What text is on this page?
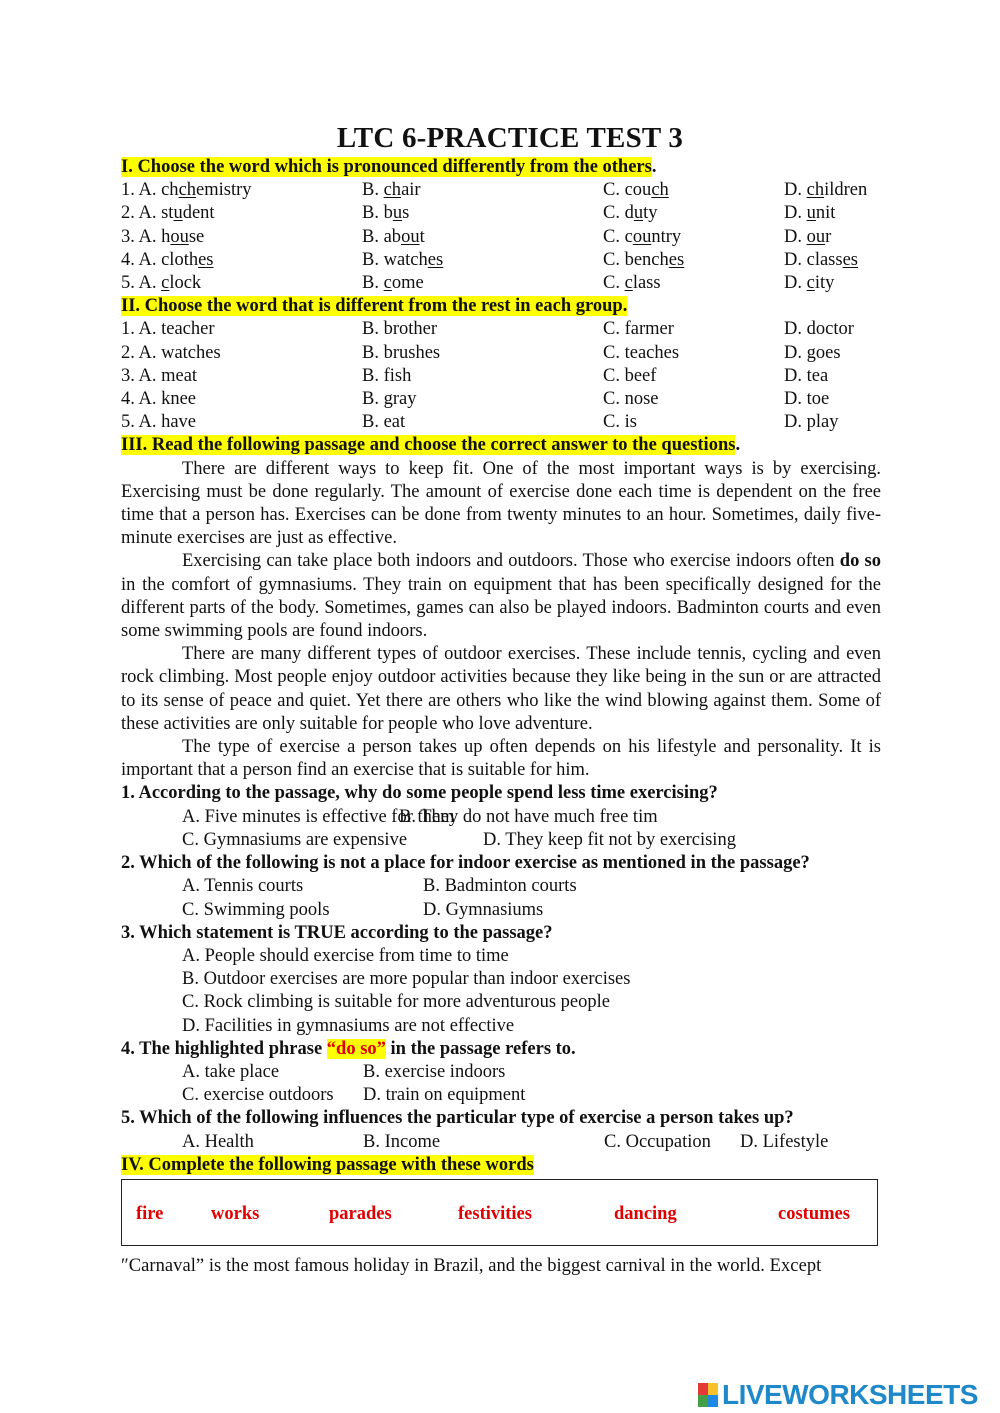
LTC 6-PRACTICE TEST 3
I. Choose the word which is pronounced differently from the others.
1. A. chchemistry	B. chair	C. couch	D. children
2. A. student	B. bus	C. duty	D. unit
3. A. house	B. about	C. country	D. our
4. A. clothes	B. watches	C. benches	D. classes
5. A. clock	B. come	C. class	D. city
II. Choose the word that is different from the rest in each group.
1. A. teacher	B. brother	C. farmer	D. doctor
2. A. watches	B. brushes	C. teaches	D. goes
3. A. meat	B. fish	C. beef	D. tea
4. A. knee	B. gray	C. nose	D. toe
5. A. have	B. eat	C. is	D. play
III. Read the following passage and choose the correct answer to the questions.

There are different ways to keep fit. One of the most important ways is by exercising. Exercising must be done regularly. The amount of exercise done each time is dependent on the free time that a person has. Exercises can be done from twenty minutes to an hour. Sometimes, daily five-minute exercises are just as effective.

Exercising can take place both indoors and outdoors. Those who exercise indoors often do so in the comfort of gymnasiums. They train on equipment that has been specifically designed for the different parts of the body. Sometimes, games can also be played indoors. Badminton courts and even some swimming pools are found indoors.

There are many different types of outdoor exercises. These include tennis, cycling and even rock climbing. Most people enjoy outdoor activities because they like being in the sun or are attracted to its sense of peace and quiet. Yet there are others who like the wind blowing against them. Some of these activities are only suitable for people who love adventure.

The type of exercise a person takes up often depends on his lifestyle and personality. It is important that a person find an exercise that is suitable for him.

1. According to the passage, why do some people spend less time exercising?
A. Five minutes is effective for them
B. They do not have much free tim
C. Gymnasiums are expensive	D. They keep fit not by exercising
2. Which of the following is not a place for indoor exercise as mentioned in the passage?
A. Tennis courts	B. Badminton courts
C. Swimming pools	D. Gymnasiums
3. Which statement is TRUE according to the passage?
A. People should exercise from time to time
B. Outdoor exercises are more popular than indoor exercises
C. Rock climbing is suitable for more adventurous people
D. Facilities in gymnasiums are not effective
4. The highlighted phrase “do so” in the passage refers to.
A. take place	B. exercise indoors
C. exercise outdoors	D. train on equipment
5. Which of the following influences the particular type of exercise a person takes up?
A. Health	B. Income	C. Occupation	D. Lifestyle
IV. Complete the following passage with these words
fire	works	parades	festivities	dancing	costumes
″Carnaval” is the most famous holiday in Brazil, and the biggest carnival in the world. Except
LIVEWORKSHEETS
